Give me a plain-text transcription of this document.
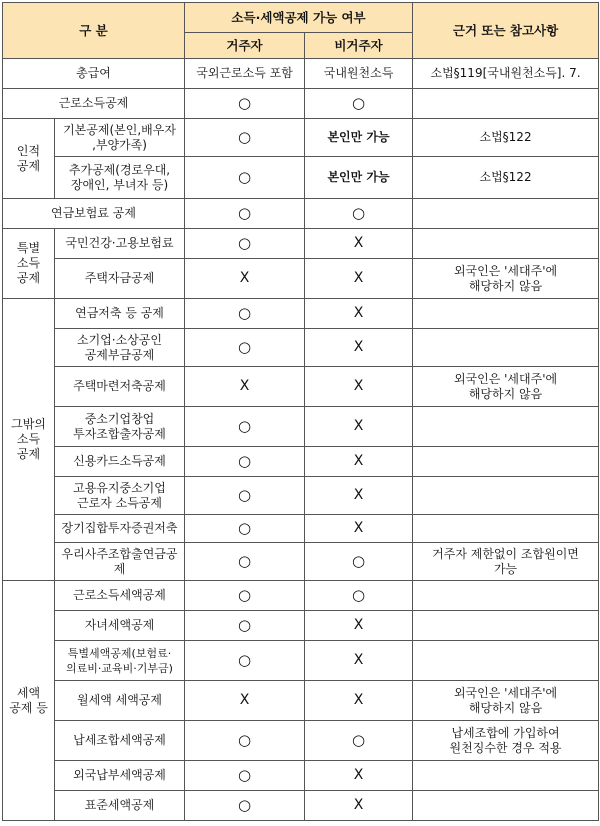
구 분		소득·세액공제 가능 여부		근거 또는 참고사항
		거주자	비거주자	
총급여		국외근로소득 포함	국내원천소득	소법§119[국내원천소득]. 7.
근로소득공제		○	○	
인적
공제	기본공제(본인,배우자
,부양가족)	○	본인만 가능	소법§122
	추가공제(경로우대,
장애인, 부녀자 등)	○	본인만 가능	소법§122
연금보험료 공제		○	○	
특별
소득
공제	국민건강·고용보험료	○	X	
	주택자금공제	X	X	외국인은 '세대주'에
해당하지 않음
그밖의
소득
공제	연금저축 등 공제	○	X	
	소기업·소상공인
공제부금공제	○	X	
	주택마련저축공제	X	X	외국인은 '세대주'에
해당하지 않음
	중소기업창업
투자조합출자공제	○	X	
	신용카드소득공제	○	X	
	고용유지중소기업
근로자 소득공제	○	X	
	장기집합투자증권저축	○	X	
	우리사주조합출연금공제	○	○	거주자 제한없이 조합원이면
가능
세액
공제 등	근로소득세액공제	○	○	
	자녀세액공제	○	X	
	특별세액공제(보험료·
의료비·교육비·기부금)	○	X	
	월세액 세액공제	X	X	외국인은 '세대주'에
해당하지 않음
	납세조합세액공제	○	○	납세조합에 가입하여
원천징수한 경우 적용
	외국납부세액공제	○	X	
	표준세액공제	○	X	
